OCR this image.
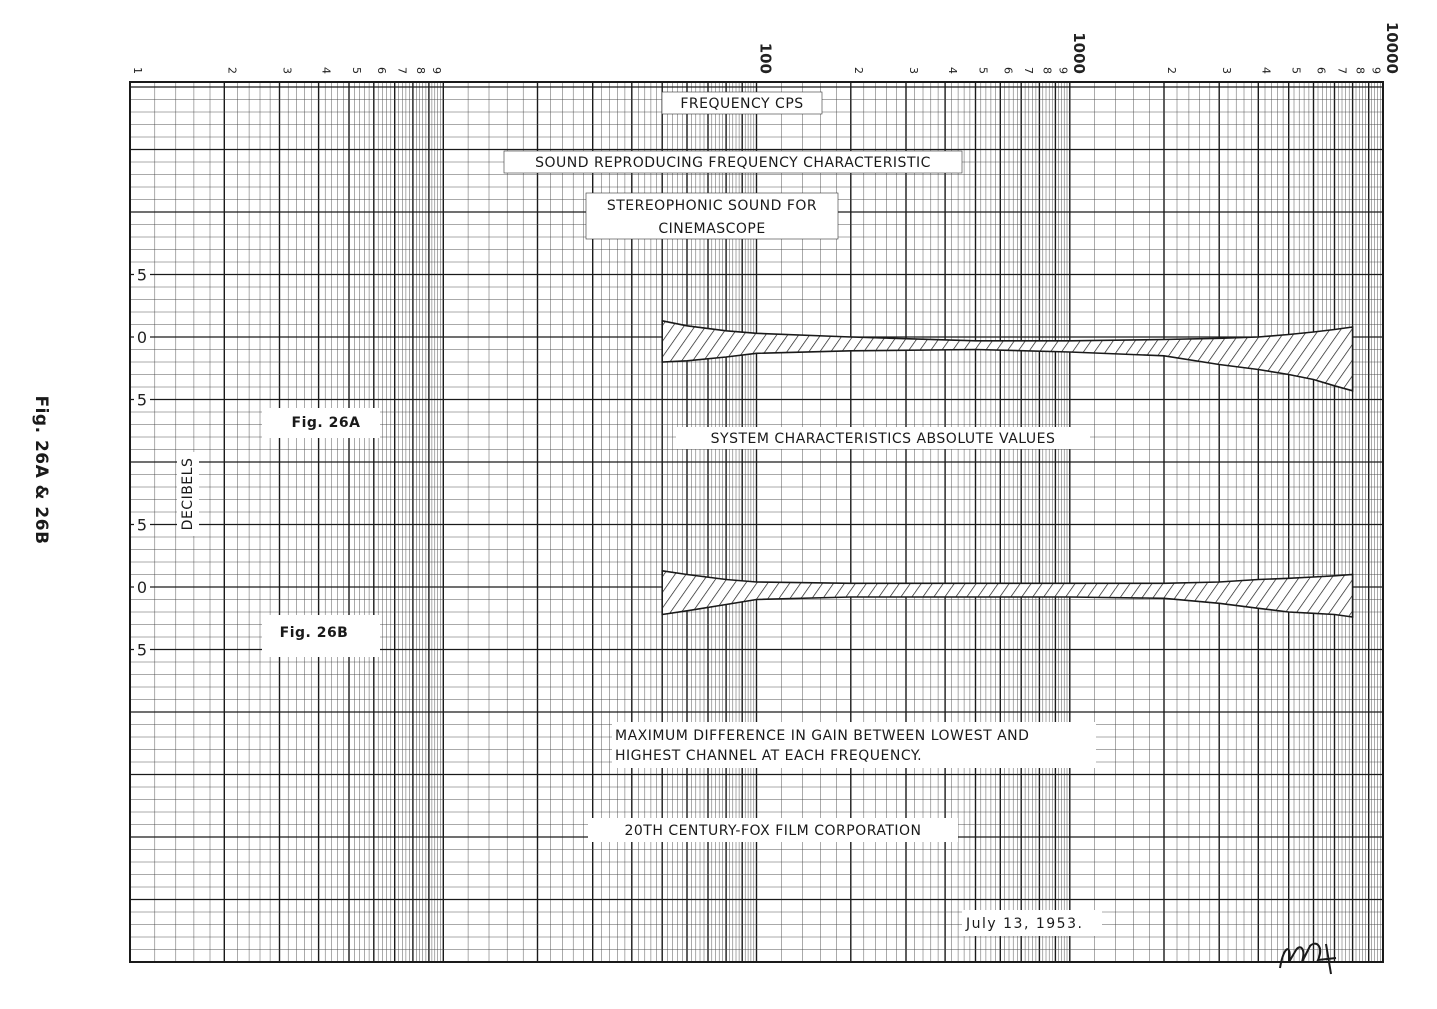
Fig. 26A & 26B
1	2	3 4 5 6 7 8 9	100	2	3 4 5 6 7 8 9 1000	2	3 4 5 6 7 8 9 10000
5
0
5
5
0
5
FREQUENCY CPS
SOUND REPRODUCING FREQUENCY CHARACTERISTIC
STEREOPHONIC SOUND FOR
CINEMASCOPE
Fig. 26A
SYSTEM CHARACTERISTICS ABSOLUTE VALUES
DECIBELS
Fig. 26B
MAXIMUM DIFFERENCE IN GAIN BETWEEN LOWEST AND
HIGHEST CHANNEL AT EACH FREQUENCY.
20TH CENTURY-FOX FILM CORPORATION
July 13, 1953.
